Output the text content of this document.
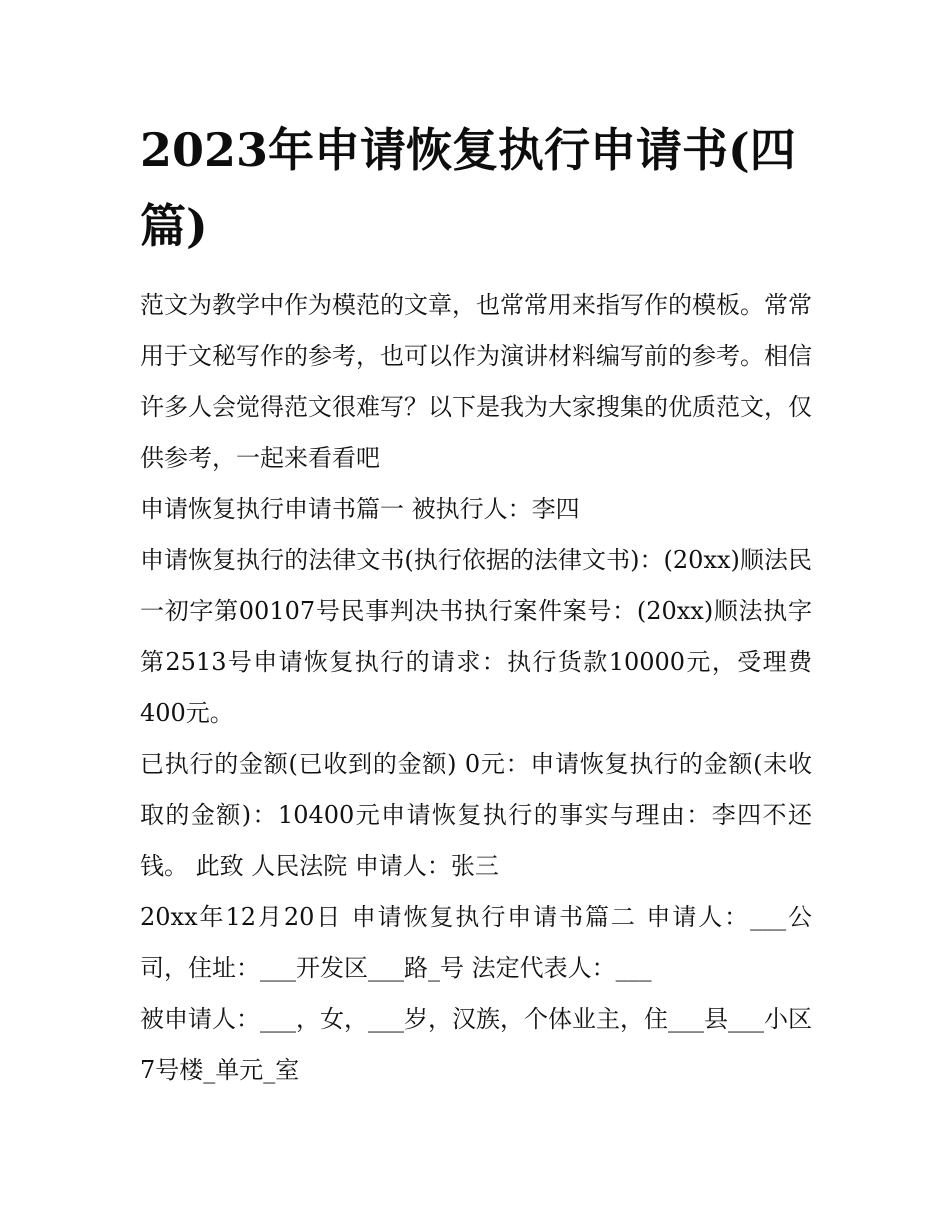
2023年申请恢复执行申请书(四篇)

范文为教学中作为模范的文章，也常常用来指写作的模板。常常用于文秘写作的参考，也可以作为演讲材料编写前的参考。相信许多人会觉得范文很难写？以下是我为大家搜集的优质范文，仅供参考，一起来看看吧

申请恢复执行申请书篇一 被执行人：李四

申请恢复执行的法律文书(执行依据的法律文书)：(20xx)顺法民一初字第00107号民事判决书执行案件案号：(20xx)顺法执字第2513号申请恢复执行的请求：执行货款10000元，受理费400元。

已执行的金额(已收到的金额) 0元：申请恢复执行的金额(未收取的金额)：10400元申请恢复执行的事实与理由：李四不还钱。 此致 人民法院 申请人：张三

20xx年12月20日 申请恢复执行申请书篇二 申请人：___公司，住址：___开发区___路_号 法定代表人：___

被申请人：___，女，___岁，汉族，个体业主，住___县___小区7号楼_单元_室
